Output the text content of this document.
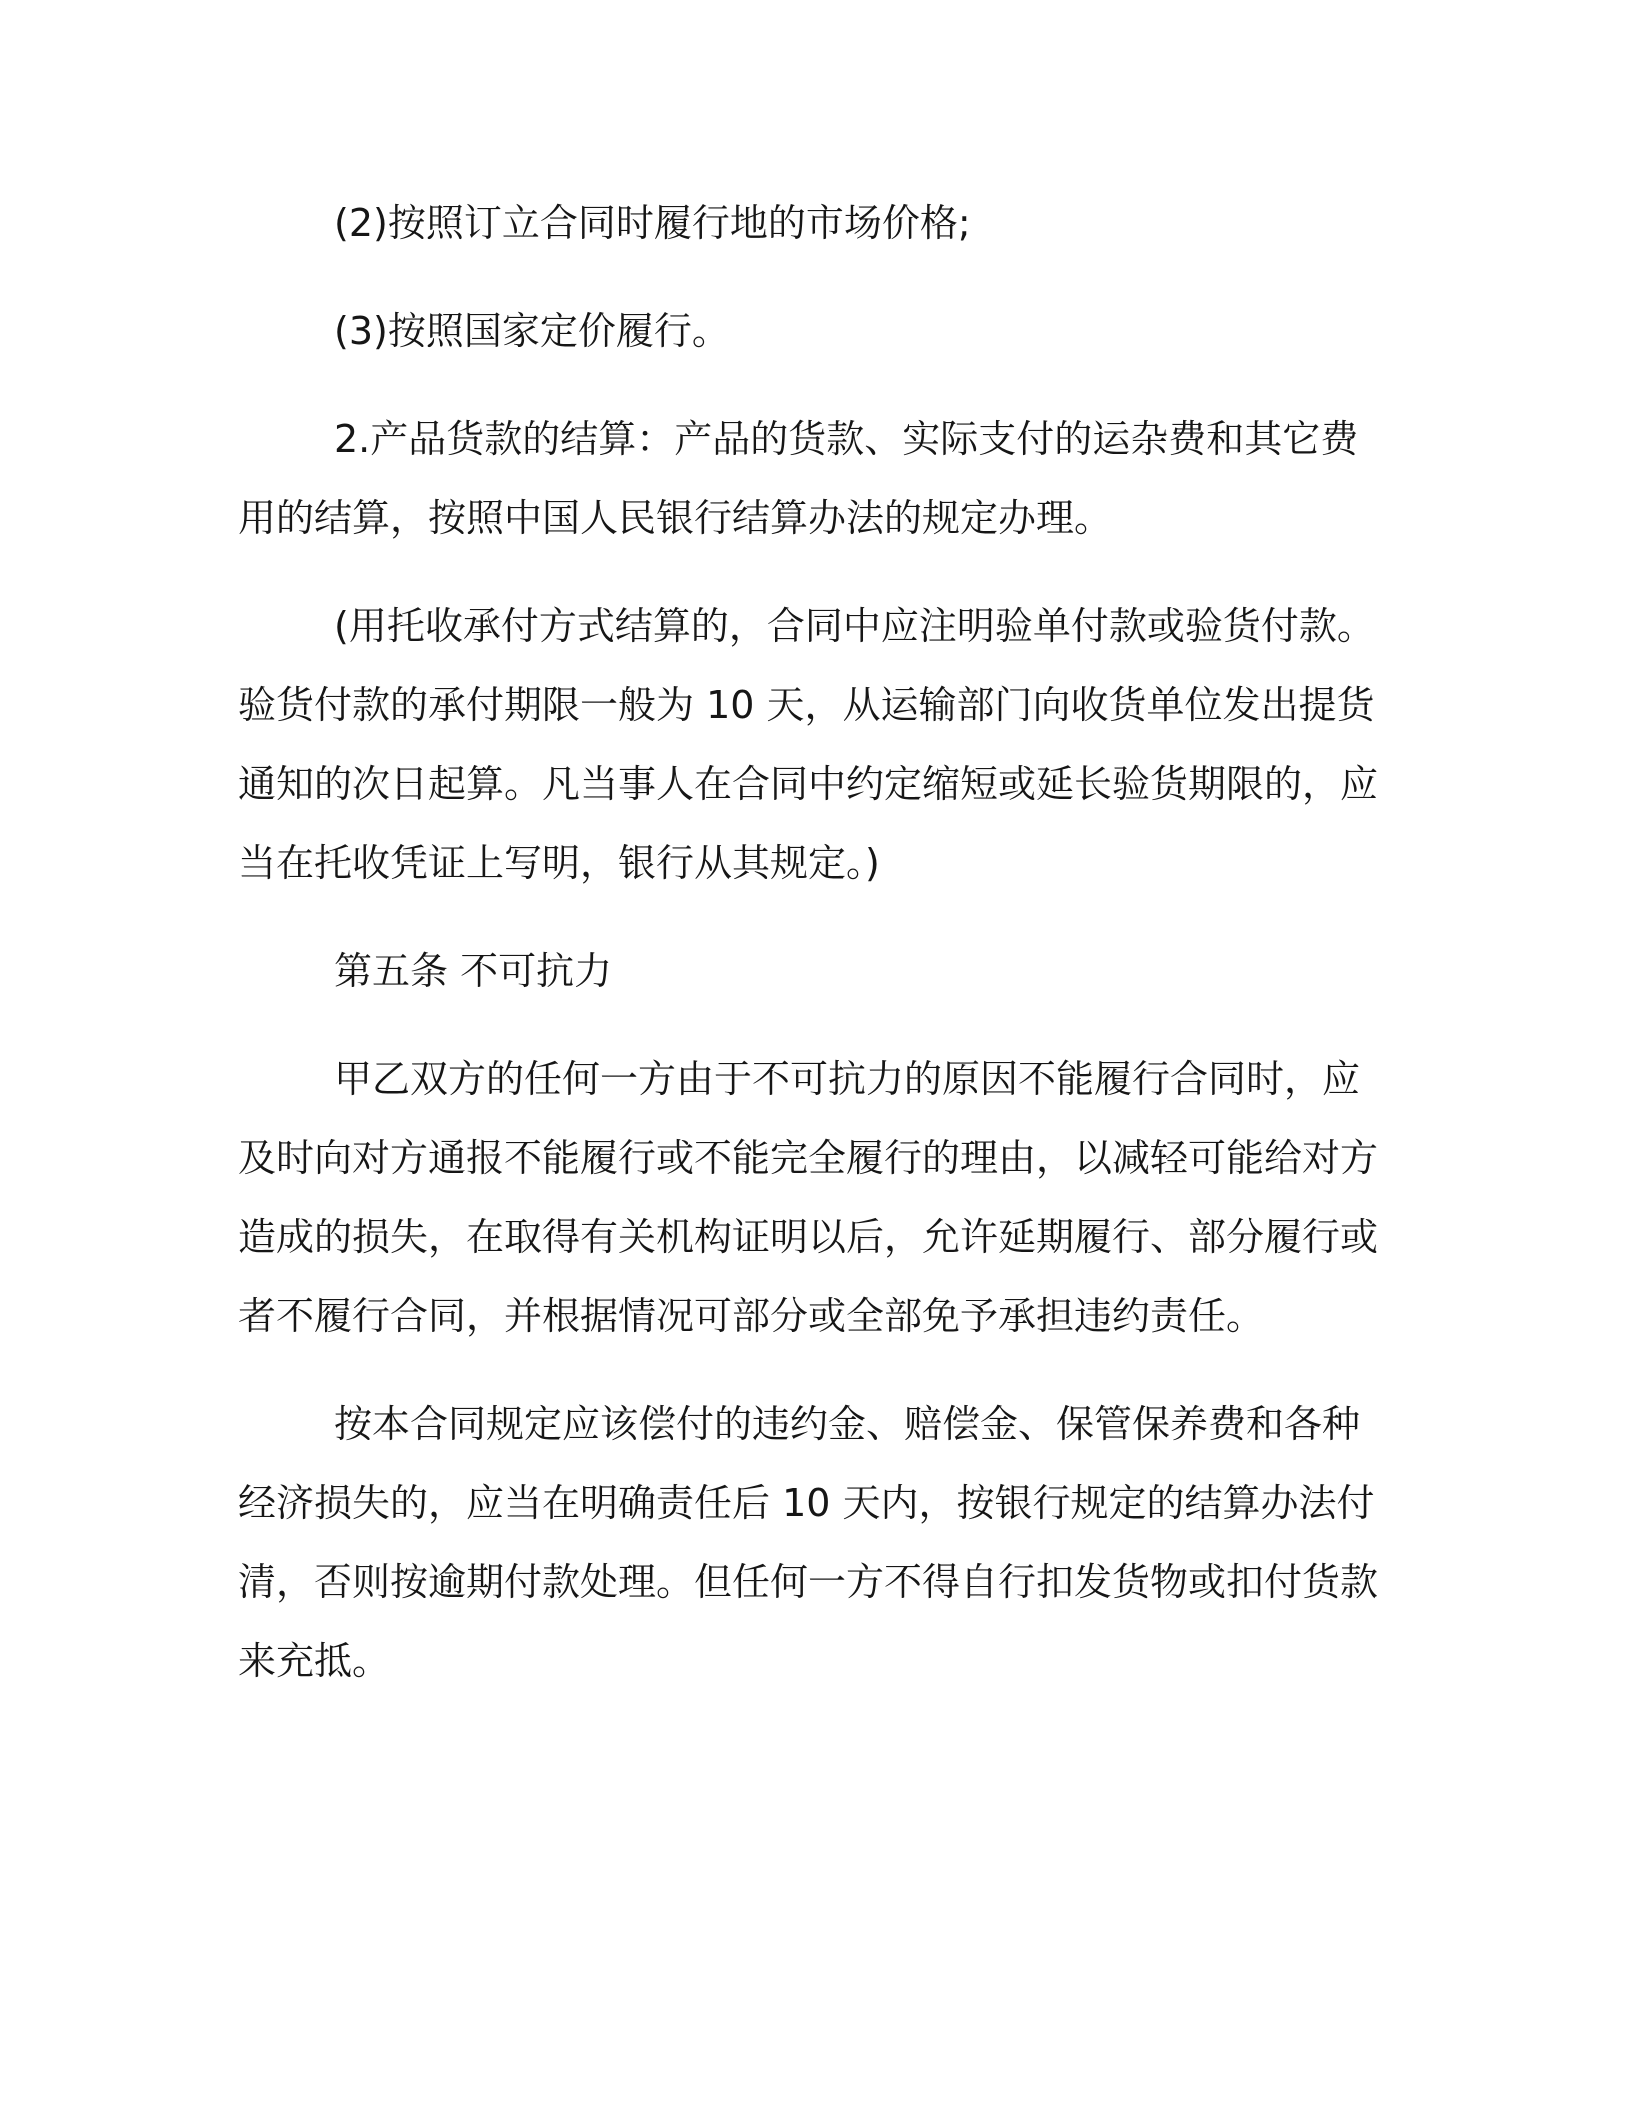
(2)按照订立合同时履行地的市场价格;

(3)按照国家定价履行。

2.产品货款的结算：产品的货款、实际支付的运杂费和其它费用的结算，按照中国人民银行结算办法的规定办理。

(用托收承付方式结算的，合同中应注明验单付款或验货付款。验货付款的承付期限一般为 10 天，从运输部门向收货单位发出提货通知的次日起算。凡当事人在合同中约定缩短或延长验货期限的，应当在托收凭证上写明，银行从其规定。)

第五条 不可抗力

甲乙双方的任何一方由于不可抗力的原因不能履行合同时，应及时向对方通报不能履行或不能完全履行的理由，以减轻可能给对方造成的损失，在取得有关机构证明以后，允许延期履行、部分履行或者不履行合同，并根据情况可部分或全部免予承担违约责任。

按本合同规定应该偿付的违约金、赔偿金、保管保养费和各种经济损失的，应当在明确责任后 10 天内，按银行规定的结算办法付清，否则按逾期付款处理。但任何一方不得自行扣发货物或扣付货款来充抵。
